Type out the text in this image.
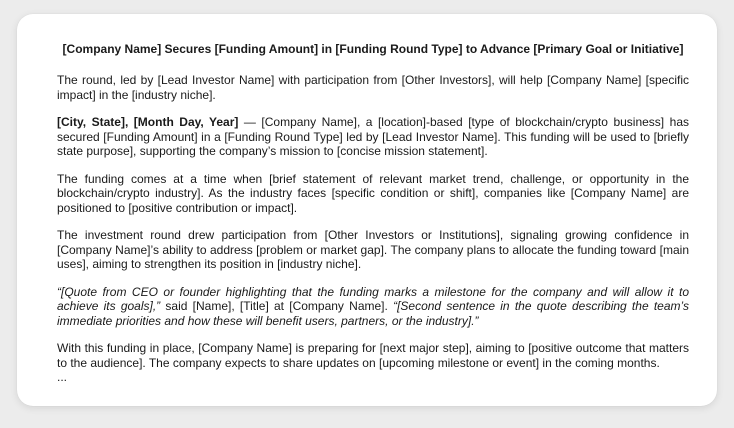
[Company Name] Secures [Funding Amount] in [Funding Round Type] to Advance [Primary Goal or Initiative]
The round, led by [Lead Investor Name] with participation from [Other Investors], will help [Company Name] [specific impact] in the [industry niche].
[City, State], [Month Day, Year] — [Company Name], a [location]-based [type of blockchain/crypto business] has secured [Funding Amount] in a [Funding Round Type] led by [Lead Investor Name]. This funding will be used to [briefly state purpose], supporting the company’s mission to [concise mission statement].
The funding comes at a time when [brief statement of relevant market trend, challenge, or opportunity in the blockchain/crypto industry]. As the industry faces [specific condition or shift], companies like [Company Name] are positioned to [positive contribution or impact].
The investment round drew participation from [Other Investors or Institutions], signaling growing confidence in [Company Name]’s ability to address [problem or market gap]. The company plans to allocate the funding toward [main uses], aiming to strengthen its position in [industry niche].
“[Quote from CEO or founder highlighting that the funding marks a milestone for the company and will allow it to achieve its goals],” said [Name], [Title] at [Company Name]. “[Second sentence in the quote describing the team’s immediate priorities and how these will benefit users, partners, or the industry].”
With this funding in place, [Company Name] is preparing for [next major step], aiming to [positive outcome that matters to the audience]. The company expects to share updates on [upcoming milestone or event] in the coming months.
...
